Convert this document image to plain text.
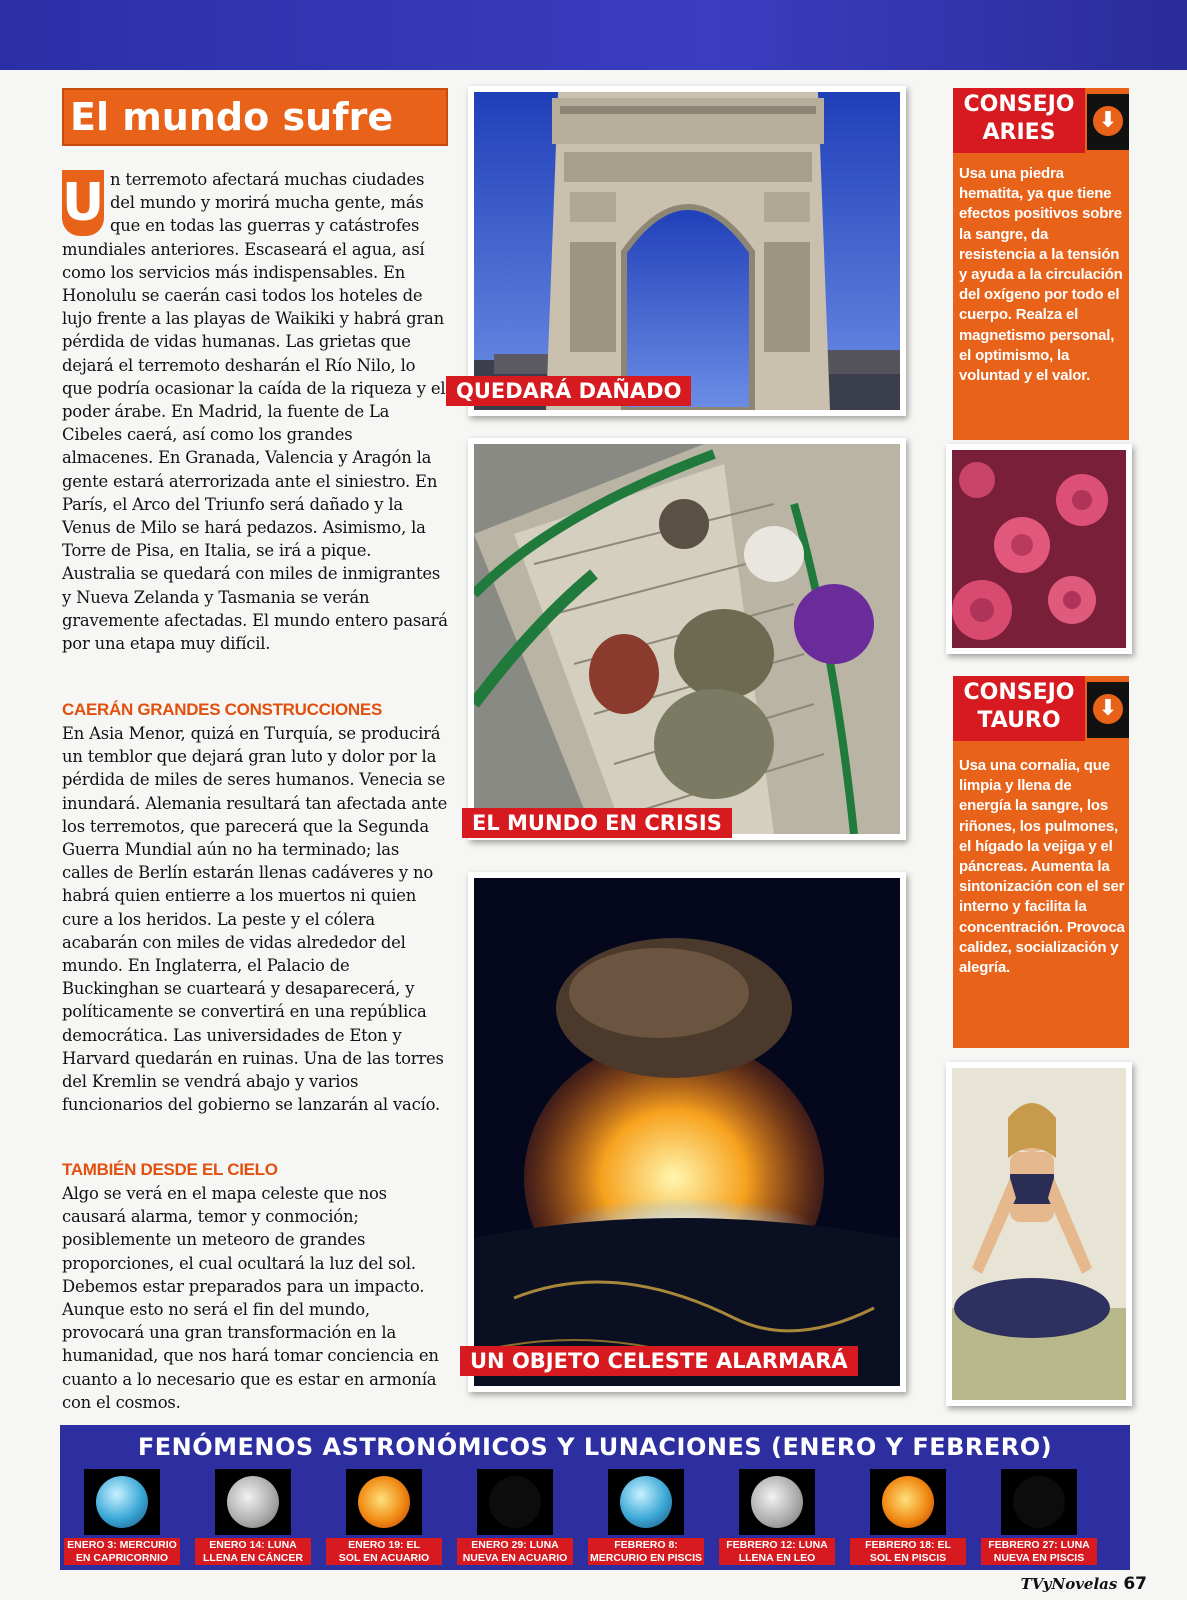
El mundo sufre
U n terremoto afectará muchas ciudades del mundo y morirá mucha gente, más que en todas las guerras y catástrofes mundiales anteriores. Escaseará el agua, así como los servicios más indispensables. En Honolulu se caerán casi todos los hoteles de lujo frente a las playas de Waikiki y habrá gran pérdida de vidas humanas. Las grietas que dejará el terremoto desharán el Río Nilo, lo que podría ocasionar la caída de la riqueza y el poder árabe. En Madrid, la fuente de La Cibeles caerá, así como los grandes almacenes. En Granada, Valencia y Aragón la gente estará aterrorizada ante el siniestro. En París, el Arco del Triunfo será dañado y la Venus de Milo se hará pedazos. Asimismo, la Torre de Pisa, en Italia, se irá a pique. Australia se quedará con miles de inmigrantes y Nueva Zelanda y Tasmania se verán gravemente afectadas. El mundo entero pasará por una etapa muy difícil.

CAERÁN GRANDES CONSTRUCCIONES

En Asia Menor, quizá en Turquía, se producirá un temblor que dejará gran luto y dolor por la pérdida de miles de seres humanos. Venecia se inundará. Alemania resultará tan afectada ante los terremotos, que parecerá que la Segunda Guerra Mundial aún no ha terminado; las calles de Berlín estarán llenas cadáveres y no habrá quien entierre a los muertos ni quien cure a los heridos. La peste y el cólera acabarán con miles de vidas alrededor del mundo. En Inglaterra, el Palacio de Buckinghan se cuarteará y desaparecerá, y políticamente se convertirá en una república democrática. Las universidades de Eton y Harvard quedarán en ruinas. Una de las torres del Kremlin se vendrá abajo y varios funcionarios del gobierno se lanzarán al vacío.

TAMBIÉN DESDE EL CIELO

Algo se verá en el mapa celeste que nos causará alarma, temor y conmoción; posiblemente un meteoro de grandes proporciones, el cual ocultará la luz del sol. Debemos estar preparados para un impacto. Aunque esto no será el fin del mundo, provocará una gran transformación en la humanidad, que nos hará tomar conciencia en cuanto a lo necesario que es estar en armonía con el cosmos.

QUEDARÁ DAÑADO
EL MUNDO EN CRISIS
UN OBJETO CELESTE ALARMARÁ
CONSEJO
ARIES	⬇
Usa una piedra hematita, ya que tiene efectos positivos sobre la sangre, da resistencia a la tensión y ayuda a la circulación del oxígeno por todo el cuerpo. Realza el magnetismo personal, el optimismo, la voluntad y el valor.
CONSEJO
TAURO	⬇
Usa una cornalia, que limpia y llena de energía la sangre, los riñones, los pulmones, el hígado la vejiga y el páncreas. Aumenta la sintonización con el ser interno y facilita la concentración. Provoca calidez, socialización y alegría.
FENÓMENOS ASTRONÓMICOS Y LUNACIONES (ENERO Y FEBRERO)
ENERO 3: MERCURIO
EN CAPRICORNIO
ENERO 14: LUNA
LLENA EN CÁNCER
ENERO 19: EL
SOL EN ACUARIO
ENERO 29: LUNA
NUEVA EN ACUARIO
FEBRERO 8:
MERCURIO EN PISCIS
FEBRERO 12: LUNA
LLENA EN LEO
FEBRERO 18: EL
SOL EN PISCIS
FEBRERO 27: LUNA
NUEVA EN PISCIS
TVyNovelas 67
